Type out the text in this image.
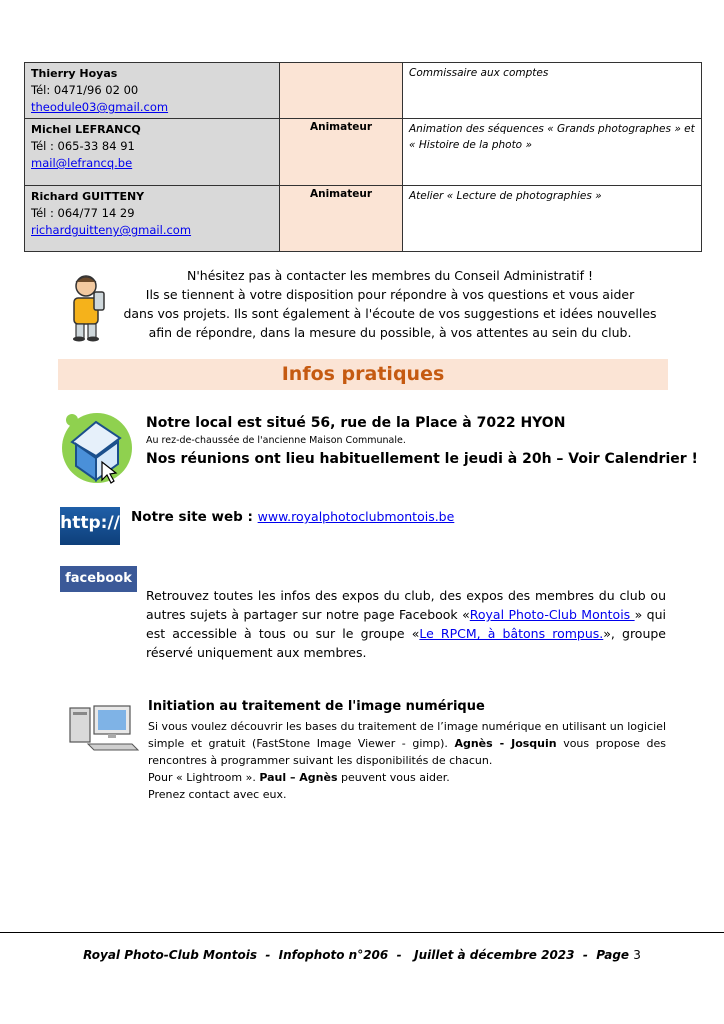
Thierry Hoyas
Tél: 0471/96 02 00
theodule03@gmail.com		Commissaire aux comptes

Michel LEFRANCQ
Tél : 065-33 84 91
mail@lefrancq.be	Animateur	Animation des séquences « Grands photographes » et « Histoire de la photo »

Richard GUITTENY
Tél : 064/77 14 29
richardguitteny@gmail.com	Animateur	Atelier « Lecture de photographies »
N'hésitez pas à contacter les membres du Conseil Administratif !
Ils se tiennent à votre disposition pour répondre à vos questions et vous aider
dans vos projets. Ils sont également à l'écoute de vos suggestions et idées nouvelles
afin de répondre, dans la mesure du possible, à vos attentes au sein du club.
Infos pratiques
Notre local est situé 56, rue de la Place à 7022 HYON
Au rez-de-chaussée de l'ancienne Maison Communale.
Nos réunions ont lieu habituellement le jeudi à 20h – Voir Calendrier !
http:// Notre site web : www.royalphotoclubmontois.be
facebook
Retrouvez toutes les infos des expos du club, des expos des membres du club ou autres sujets à partager sur notre page Facebook «Royal Photo-Club Montois » qui est accessible à tous ou sur le groupe «Le RPCM, à bâtons rompus.», groupe réservé uniquement aux membres.
Initiation au traitement de l'image numérique

Si vous voulez découvrir les bases du traitement de l’image numérique en utilisant un logiciel simple et gratuit (FastStone Image Viewer - gimp). Agnès - Josquin vous propose des rencontres à programmer suivant les disponibilités de chacun.

Pour « Lightroom ». Paul – Agnès peuvent vous aider.

Prenez contact avec eux.

Royal Photo-Club Montois  -  Infophoto n°206  -   Juillet à décembre 2023  -  Page 3
